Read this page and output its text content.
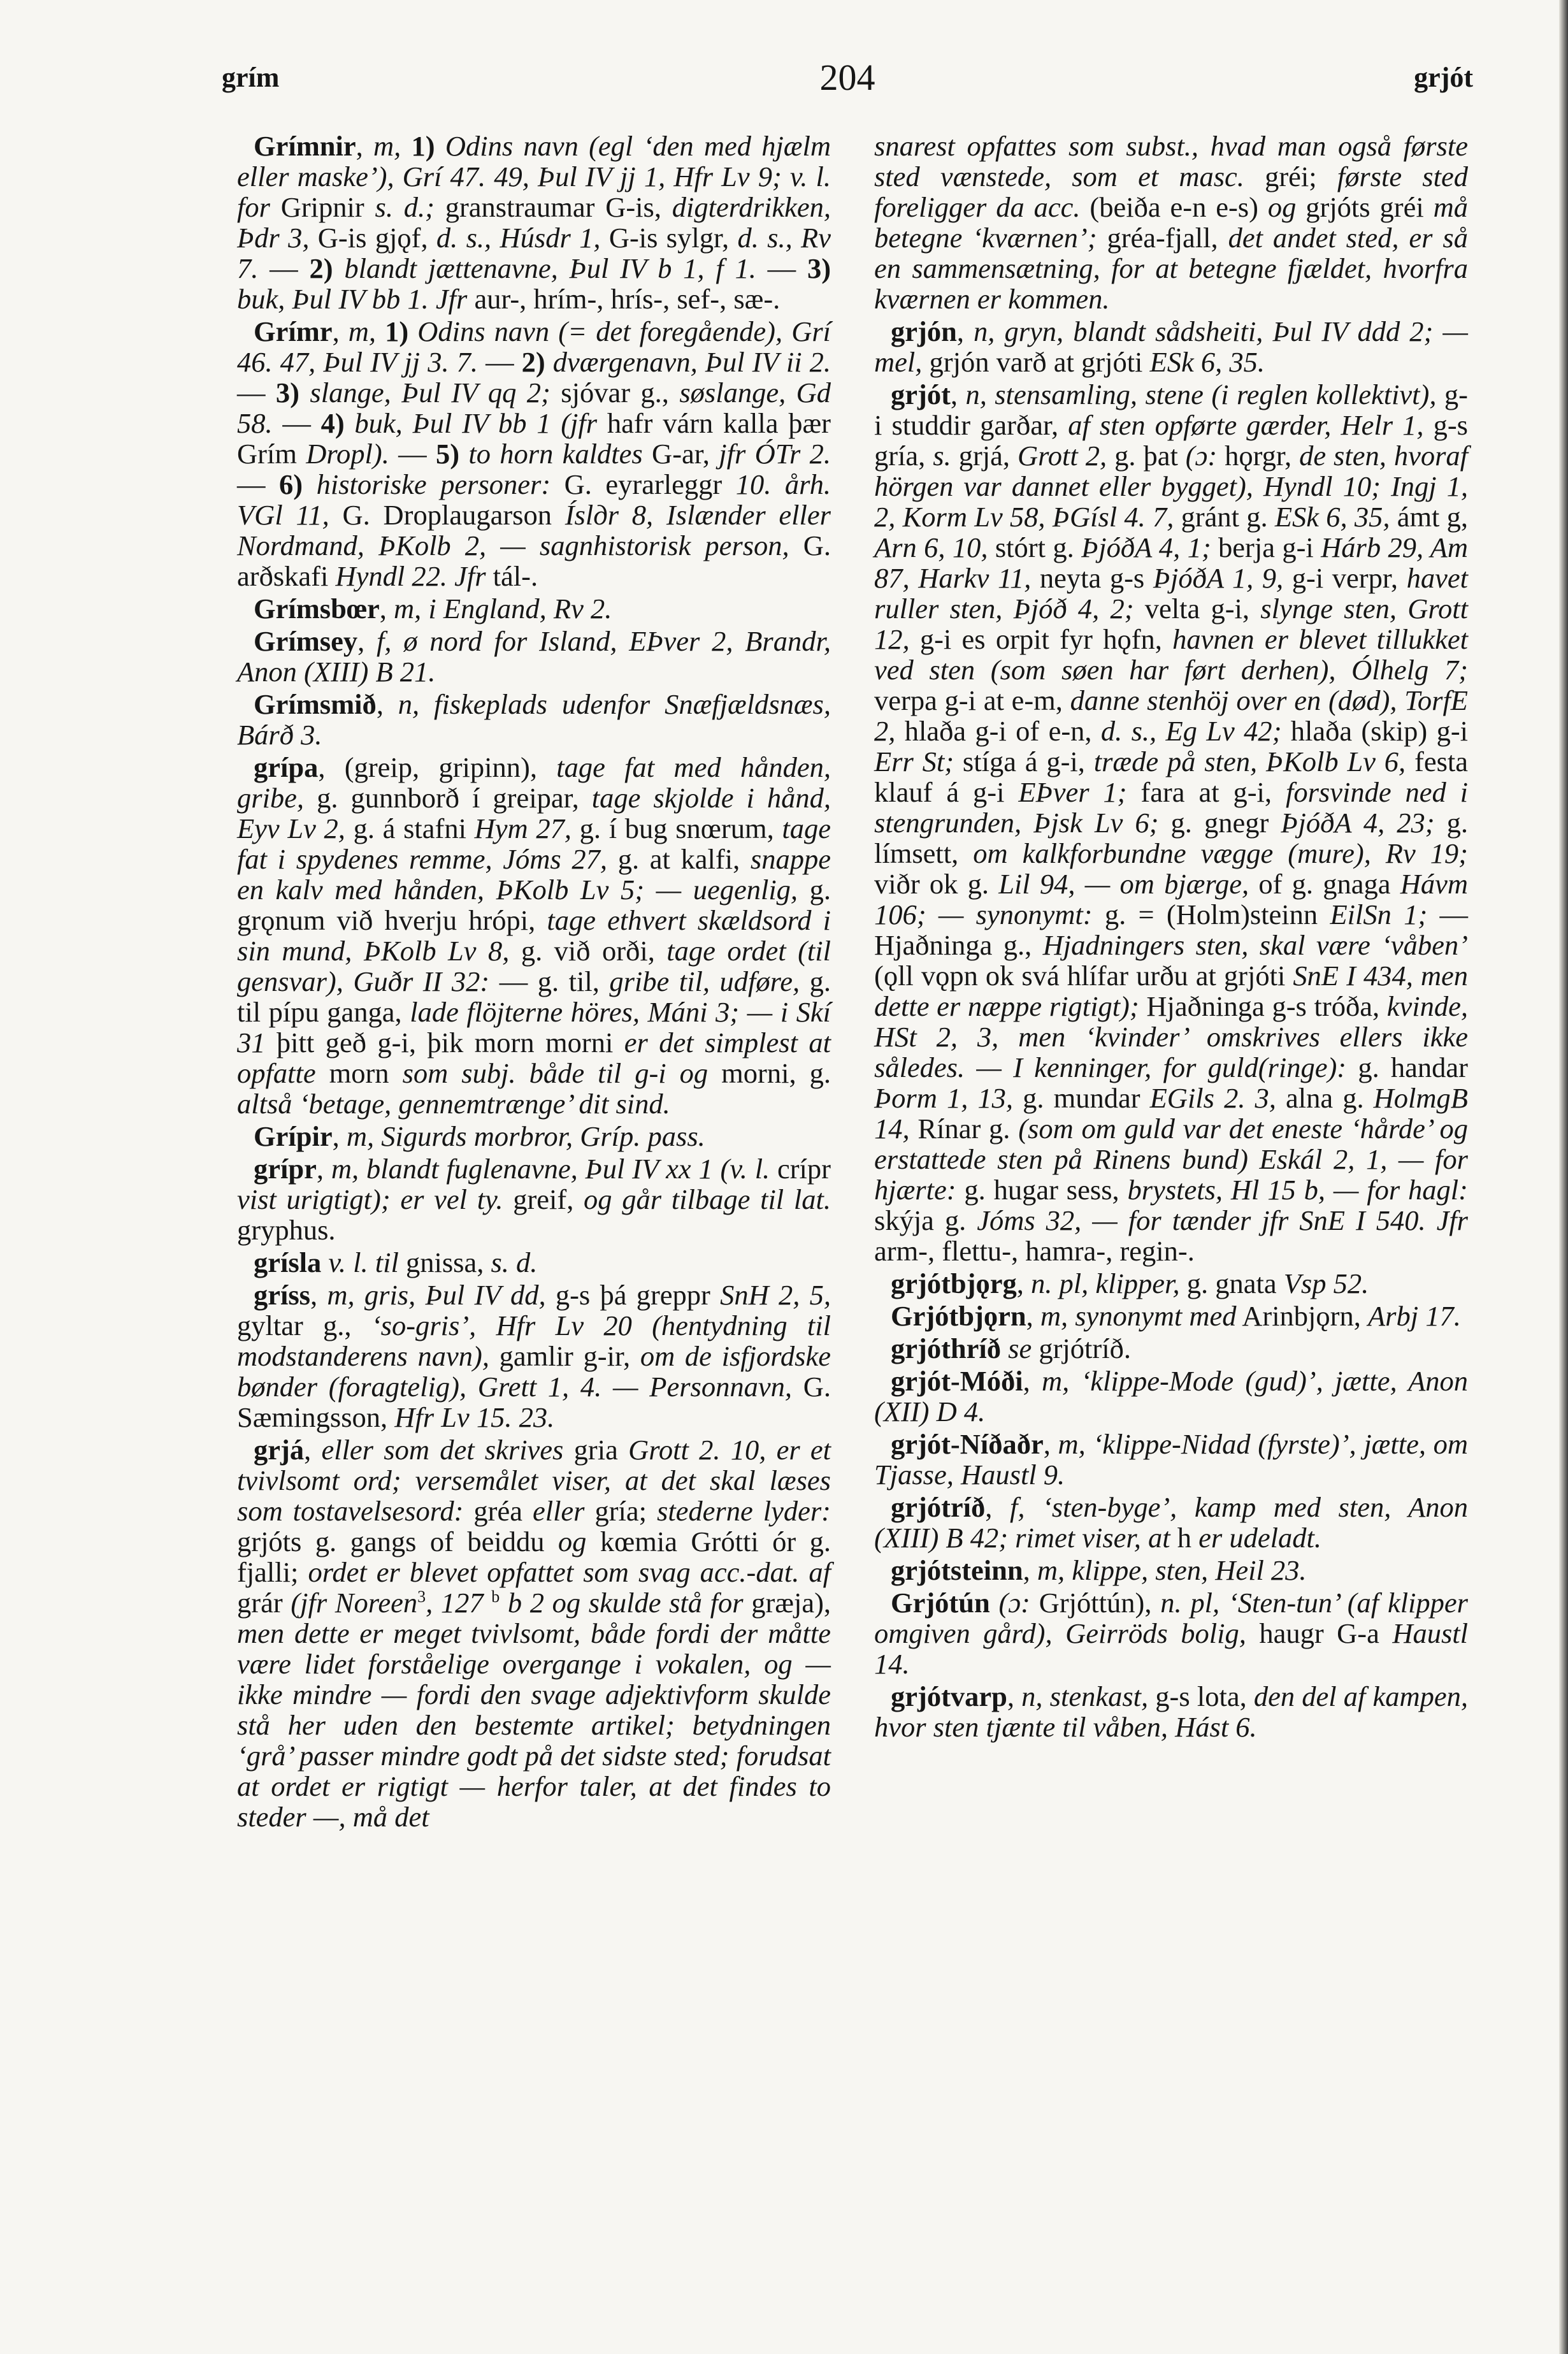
grím	204	grjót

Grímnir, m, 1) Odins navn (egl ‘den med hjælm eller maske’), Grí 47. 49, Þul IV jj 1, Hfr Lv 9; v. l. for Gripnir s. d.; granstraumar G-is, digterdrikken, Þdr 3, G-is gjǫf, d. s., Húsdr 1, G-is sylgr, d. s., Rv 7. — 2) blandt jættenavne, Þul IV b 1, f 1. — 3) buk, Þul IV bb 1. Jfr aur-, hrím-, hrís-, sef-, sæ-.

Grímr, m, 1) Odins navn (= det foregående), Grí 46. 47, Þul IV jj 3. 7. — 2) dværgenavn, Þul IV ii 2. — 3) slange, Þul IV qq 2; sjóvar g., søslange, Gd 58. — 4) buk, Þul IV bb 1 (jfr hafr várn kalla þær Grím Dropl). — 5) to horn kaldtes G-ar, jfr ÓTr 2. — 6) historiske personer: G. eyrarleggr 10. årh. VGl 11, G. Droplaugarson Íslдr 8, Islænder eller Nordmand, ÞKolb 2, — sagnhistorisk person, G. arðskafi Hyndl 22. Jfr tál-.

Grímsbœr, m, i England, Rv 2.

Grímsey, f, ø nord for Island, EÞver 2, Brandr, Anon (XIII) B 21.

Grímsmið, n, fiskeplads udenfor Snæfjældsnæs, Bárð 3.

grípa, (greip, gripinn), tage fat med hånden, gribe, g. gunnborð í greipar, tage skjolde i hånd, Eyv Lv 2, g. á stafni Hym 27, g. í bug snœrum, tage fat i spydenes remme, Jóms 27, g. at kalfi, snappe en kalv med hånden, ÞKolb Lv 5; — uegenlig, g. grǫnum við hverju hrópi, tage ethvert skældsord i sin mund, ÞKolb Lv 8, g. við orði, tage ordet (til gensvar), Guðr II 32: — g. til, gribe til, udføre, g. til pípu ganga, lade flöjterne höres, Máni 3; — i Skí 31 þitt geð g-i, þik morn morni er det simplest at opfatte morn som subj. både til g-i og morni, g. altså ‘betage, gennemtrænge’ dit sind.

Grípir, m, Sigurds morbror, Gríp. pass.

grípr, m, blandt fuglenavne, Þul IV xx 1 (v. l. crípr vist urigtigt); er vel ty. greif, og går tilbage til lat. gryphus.

grísla v. l. til gnissa, s. d.

gríss, m, gris, Þul IV dd, g-s þá greppr SnH 2, 5, gyltar g., ‘so-gris’, Hfr Lv 20 (hentydning til modstanderens navn), gamlir g-ir, om de isfjordske bønder (foragtelig), Grett 1, 4. — Personnavn, G. Sæmingsson, Hfr Lv 15. 23.

grjá, eller som det skrives gria Grott 2. 10, er et tvivlsomt ord; versemålet viser, at det skal læses som tostavelsesord: gréa eller gría; stederne lyder: grjóts g. gangs of beiddu og kœmia Grótti ór g. fjalli; ordet er blevet opfattet som svag acc.-dat. af grár (jfr Noreen$^3$, 127 $^b$ b 2 og skulde stå for græja), men dette er meget tvivlsomt, både fordi der måtte være lidet forståelige overgange i vokalen, og — ikke mindre — fordi den svage adjektivform skulde stå her uden den bestemte artikel; betydningen ‘grå’ passer mindre godt på det sidste sted; forudsat at ordet er rigtigt — herfor taler, at det findes to steder —, må det

snarest opfattes som subst., hvad man også første sted vænstede, som et masc. gréi; første sted foreligger da acc. (beiða e-n e-s) og grjóts gréi må betegne ‘kværnen’; gréa-fjall, det andet sted, er så en sammensætning, for at betegne fjældet, hvorfra kværnen er kommen.

grjón, n, gryn, blandt sådsheiti, Þul IV ddd 2; — mel, grjón varð at grjóti ESk 6, 35.

grjót, n, stensamling, stene (i reglen kollektivt), g-i studdir garðar, af sten opførte gærder, Helr 1, g-s gría, s. grjá, Grott 2, g. þat (ɔ: hǫrgr, de sten, hvoraf hörgen var dannet eller bygget), Hyndl 10; Ingj 1, 2, Korm Lv 58, ÞGísl 4. 7, gránt g. ESk 6, 35, ámt g, Arn 6, 10, stórt g. ÞjóðA 4, 1; berja g-i Hárb 29, Am 87, Harkv 11, neyta g-s ÞjóðA 1, 9, g-i verpr, havet ruller sten, Þjóð 4, 2; velta g-i, slynge sten, Grott 12, g-i es orpit fyr hǫfn, havnen er blevet tillukket ved sten (som søen har ført derhen), Ólhelg 7; verpa g-i at e-m, danne stenhöj over en (død), TorfE 2, hlaða g-i of e-n, d. s., Eg Lv 42; hlaða (skip) g-i Err St; stíga á g-i, træde på sten, ÞKolb Lv 6, festa klauf á g-i EÞver 1; fara at g-i, forsvinde ned i stengrunden, Þjsk Lv 6; g. gnegr ÞjóðA 4, 23; g. límsett, om kalkforbundne vægge (mure), Rv 19; viðr ok g. Lil 94, — om bjærge, of g. gnaga Hávm 106; — synonymt: g. = (Holm)steinn EilSn 1; — Hjaðninga g., Hjadningers sten, skal være ‘våben’ (ǫll vǫpn ok svá hlífar urðu at grjóti SnE I 434, men dette er næppe rigtigt); Hjaðninga g-s tróða, kvinde, HSt 2, 3, men ‘kvinder’ omskrives ellers ikke således. — I kenninger, for guld(ringe): g. handar Þorm 1, 13, g. mundar EGils 2. 3, alna g. HolmgB 14, Rínar g. (som om guld var det eneste ‘hårde’ og erstattede sten på Rinens bund) Eskál 2, 1, — for hjærte: g. hugar sess, brystets, Hl 15 b, — for hagl: skýja g. Jóms 32, — for tænder jfr SnE I 540. Jfr arm-, flettu-, hamra-, regin-.

grjótbjǫrg, n. pl, klipper, g. gnata Vsp 52.

Grjótbjǫrn, m, synonymt med Arinbjǫrn, Arbj 17.

grjóthríð se grjótríð.

grjót-Móði, m, ‘klippe-Mode (gud)’, jætte, Anon (XII) D 4.

grjót-Níðaðr, m, ‘klippe-Nidad (fyrste)’, jætte, om Tjasse, Haustl 9.

grjótríð, f, ‘sten-byge’, kamp med sten, Anon (XIII) B 42; rimet viser, at h er udeladt.

grjótsteinn, m, klippe, sten, Heil 23.

Grjótún (ɔ: Grjóttún), n. pl, ‘Sten-tun’ (af klipper omgiven gård), Geirröds bolig, haugr G-a Haustl 14.

grjótvarp, n, stenkast, g-s lota, den del af kampen, hvor sten tjænte til våben, Hást 6.
